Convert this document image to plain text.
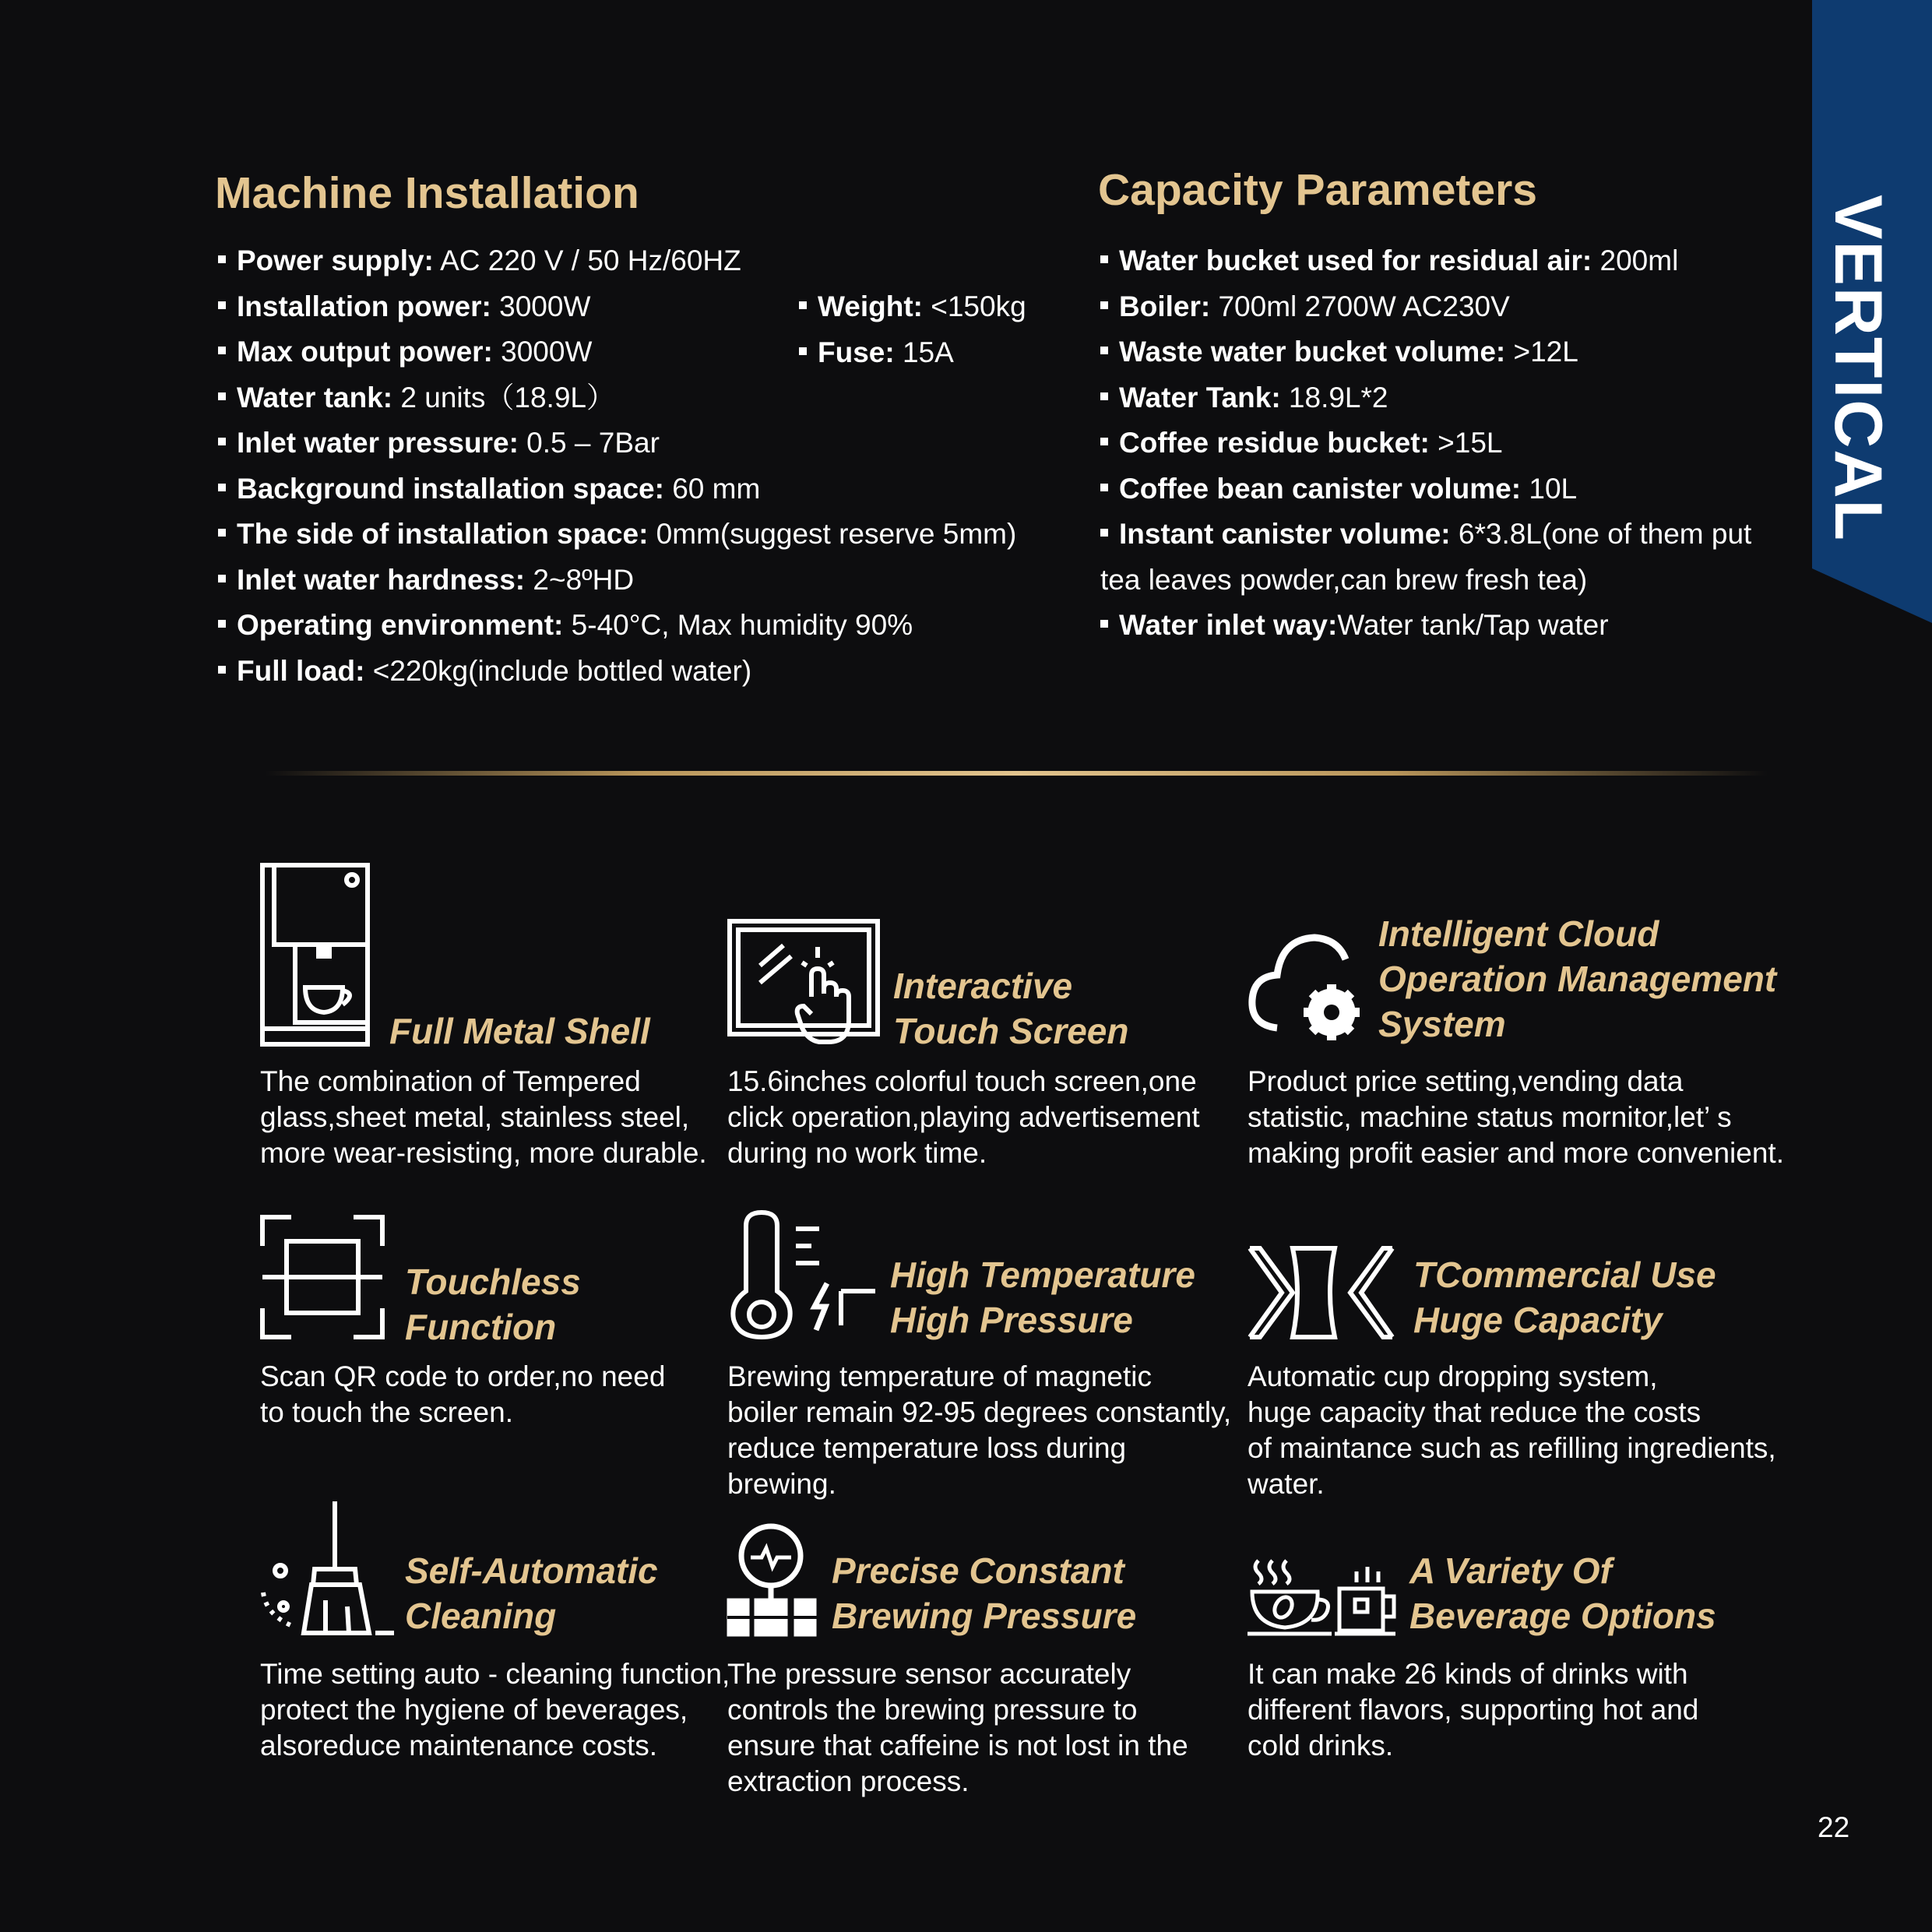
VERTICAL
Machine Installation
Power supply: AC 220 V / 50 Hz/60HZ
Installation power: 3000W
Max output power: 3000W
Water tank: 2 units（18.9L）
Inlet water pressure: 0.5 – 7Bar
Background installation space: 60 mm
The side of installation space: 0mm(suggest reserve 5mm)
Inlet water hardness: 2~8ºHD
Operating environment: 5-40°C, Max humidity 90%
Full load: <220kg(include bottled water)
Weight: <150kg
Fuse: 15A
Capacity Parameters
Water bucket used for residual air: 200ml
Boiler: 700ml 2700W AC230V
Waste water bucket volume: >12L
Water Tank: 18.9L*2
Coffee residue bucket: >15L
Coffee bean canister volume: 10L
Instant canister volume: 6*3.8L(one of them put
tea leaves powder,can brew fresh tea)
Water inlet way:Water tank/Tap water
Full Metal Shell
The combination of Tempered
glass,sheet metal, stainless steel,
more wear-resisting, more durable.
Interactive
Touch Screen
15.6inches colorful touch screen,one
click operation,playing advertisement
during no work time.
Intelligent Cloud
Operation Management
System
Product price setting,vending data
statistic, machine status mornitor,let’ s
making profit easier and more convenient.
Touchless
Function
Scan QR code to order,no need
to touch the screen.
High Temperature
High Pressure
Brewing temperature of magnetic
boiler remain 92-95 degrees constantly,
reduce temperature loss during brewing.
TCommercial Use
Huge Capacity
Automatic cup dropping system,
huge capacity that reduce the costs
of maintance such as refilling ingredients,
water.
Self-Automatic
Cleaning
Time setting auto - cleaning function,
protect the hygiene of beverages,
alsoreduce maintenance costs.
Precise Constant
Brewing Pressure
The pressure sensor accurately
controls the brewing pressure to
ensure that caffeine is not lost in the
extraction process.
A Variety Of
Beverage Options
It can make 26 kinds of drinks with
different flavors, supporting hot and
cold drinks.
22
